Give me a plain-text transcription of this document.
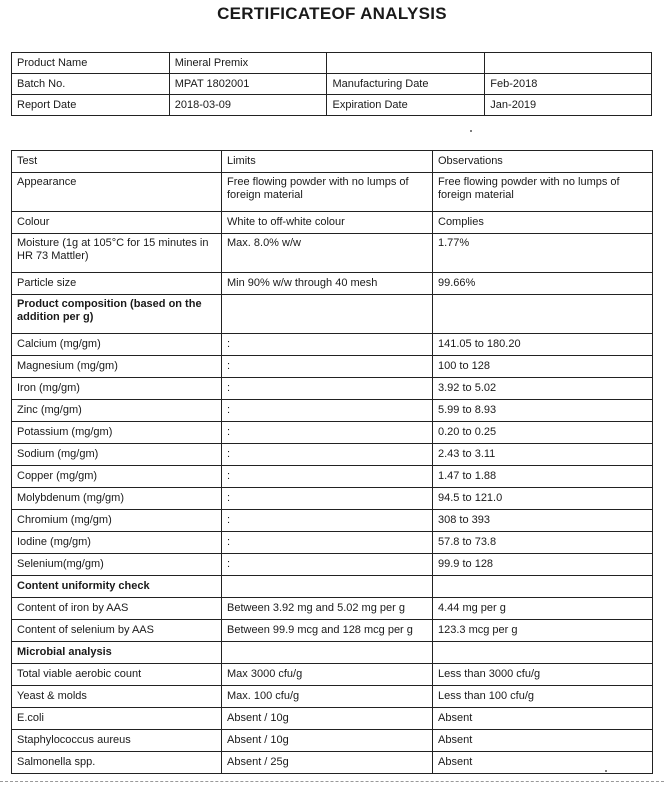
CERTIFICATEOF ANALYSIS
Product Name	Mineral Premix		
Batch No.	MPAT 1802001	Manufacturing Date	Feb-2018
Report Date	2018-03-09	Expiration Date	Jan-2019
Test	Limits	Observations
Appearance	Free flowing powder with no lumps of foreign material	Free flowing powder with no lumps of foreign material
Colour	White to off-white colour	Complies
Moisture (1g at 105°C for 15 minutes in HR 73 Mattler)	Max. 8.0% w/w	1.77%
Particle size	Min 90% w/w through 40 mesh	99.66%
Product composition (based on the addition per g)		
Calcium (mg/gm)	:	141.05 to 180.20
Magnesium (mg/gm)	:	100 to 128
Iron (mg/gm)	:	3.92 to 5.02
Zinc (mg/gm)	:	5.99 to 8.93
Potassium (mg/gm)	:	0.20 to 0.25
Sodium (mg/gm)	:	2.43 to 3.11
Copper (mg/gm)	:	1.47 to 1.88
Molybdenum (mg/gm)	:	94.5 to 121.0
Chromium (mg/gm)	:	308 to 393
Iodine (mg/gm)	:	57.8 to 73.8
Selenium(mg/gm)	:	99.9 to 128
Content uniformity check		
Content of iron by AAS	Between 3.92 mg and 5.02 mg per g	4.44 mg per g
Content of selenium by AAS	Between 99.9 mcg and 128 mcg per g	123.3 mcg per g
Microbial analysis		
Total viable aerobic count	Max 3000 cfu/g	Less than 3000 cfu/g
Yeast & molds	Max. 100 cfu/g	Less than 100 cfu/g
E.coli	Absent / 10g	Absent
Staphylococcus aureus	Absent / 10g	Absent
Salmonella spp.	Absent / 25g	Absent
